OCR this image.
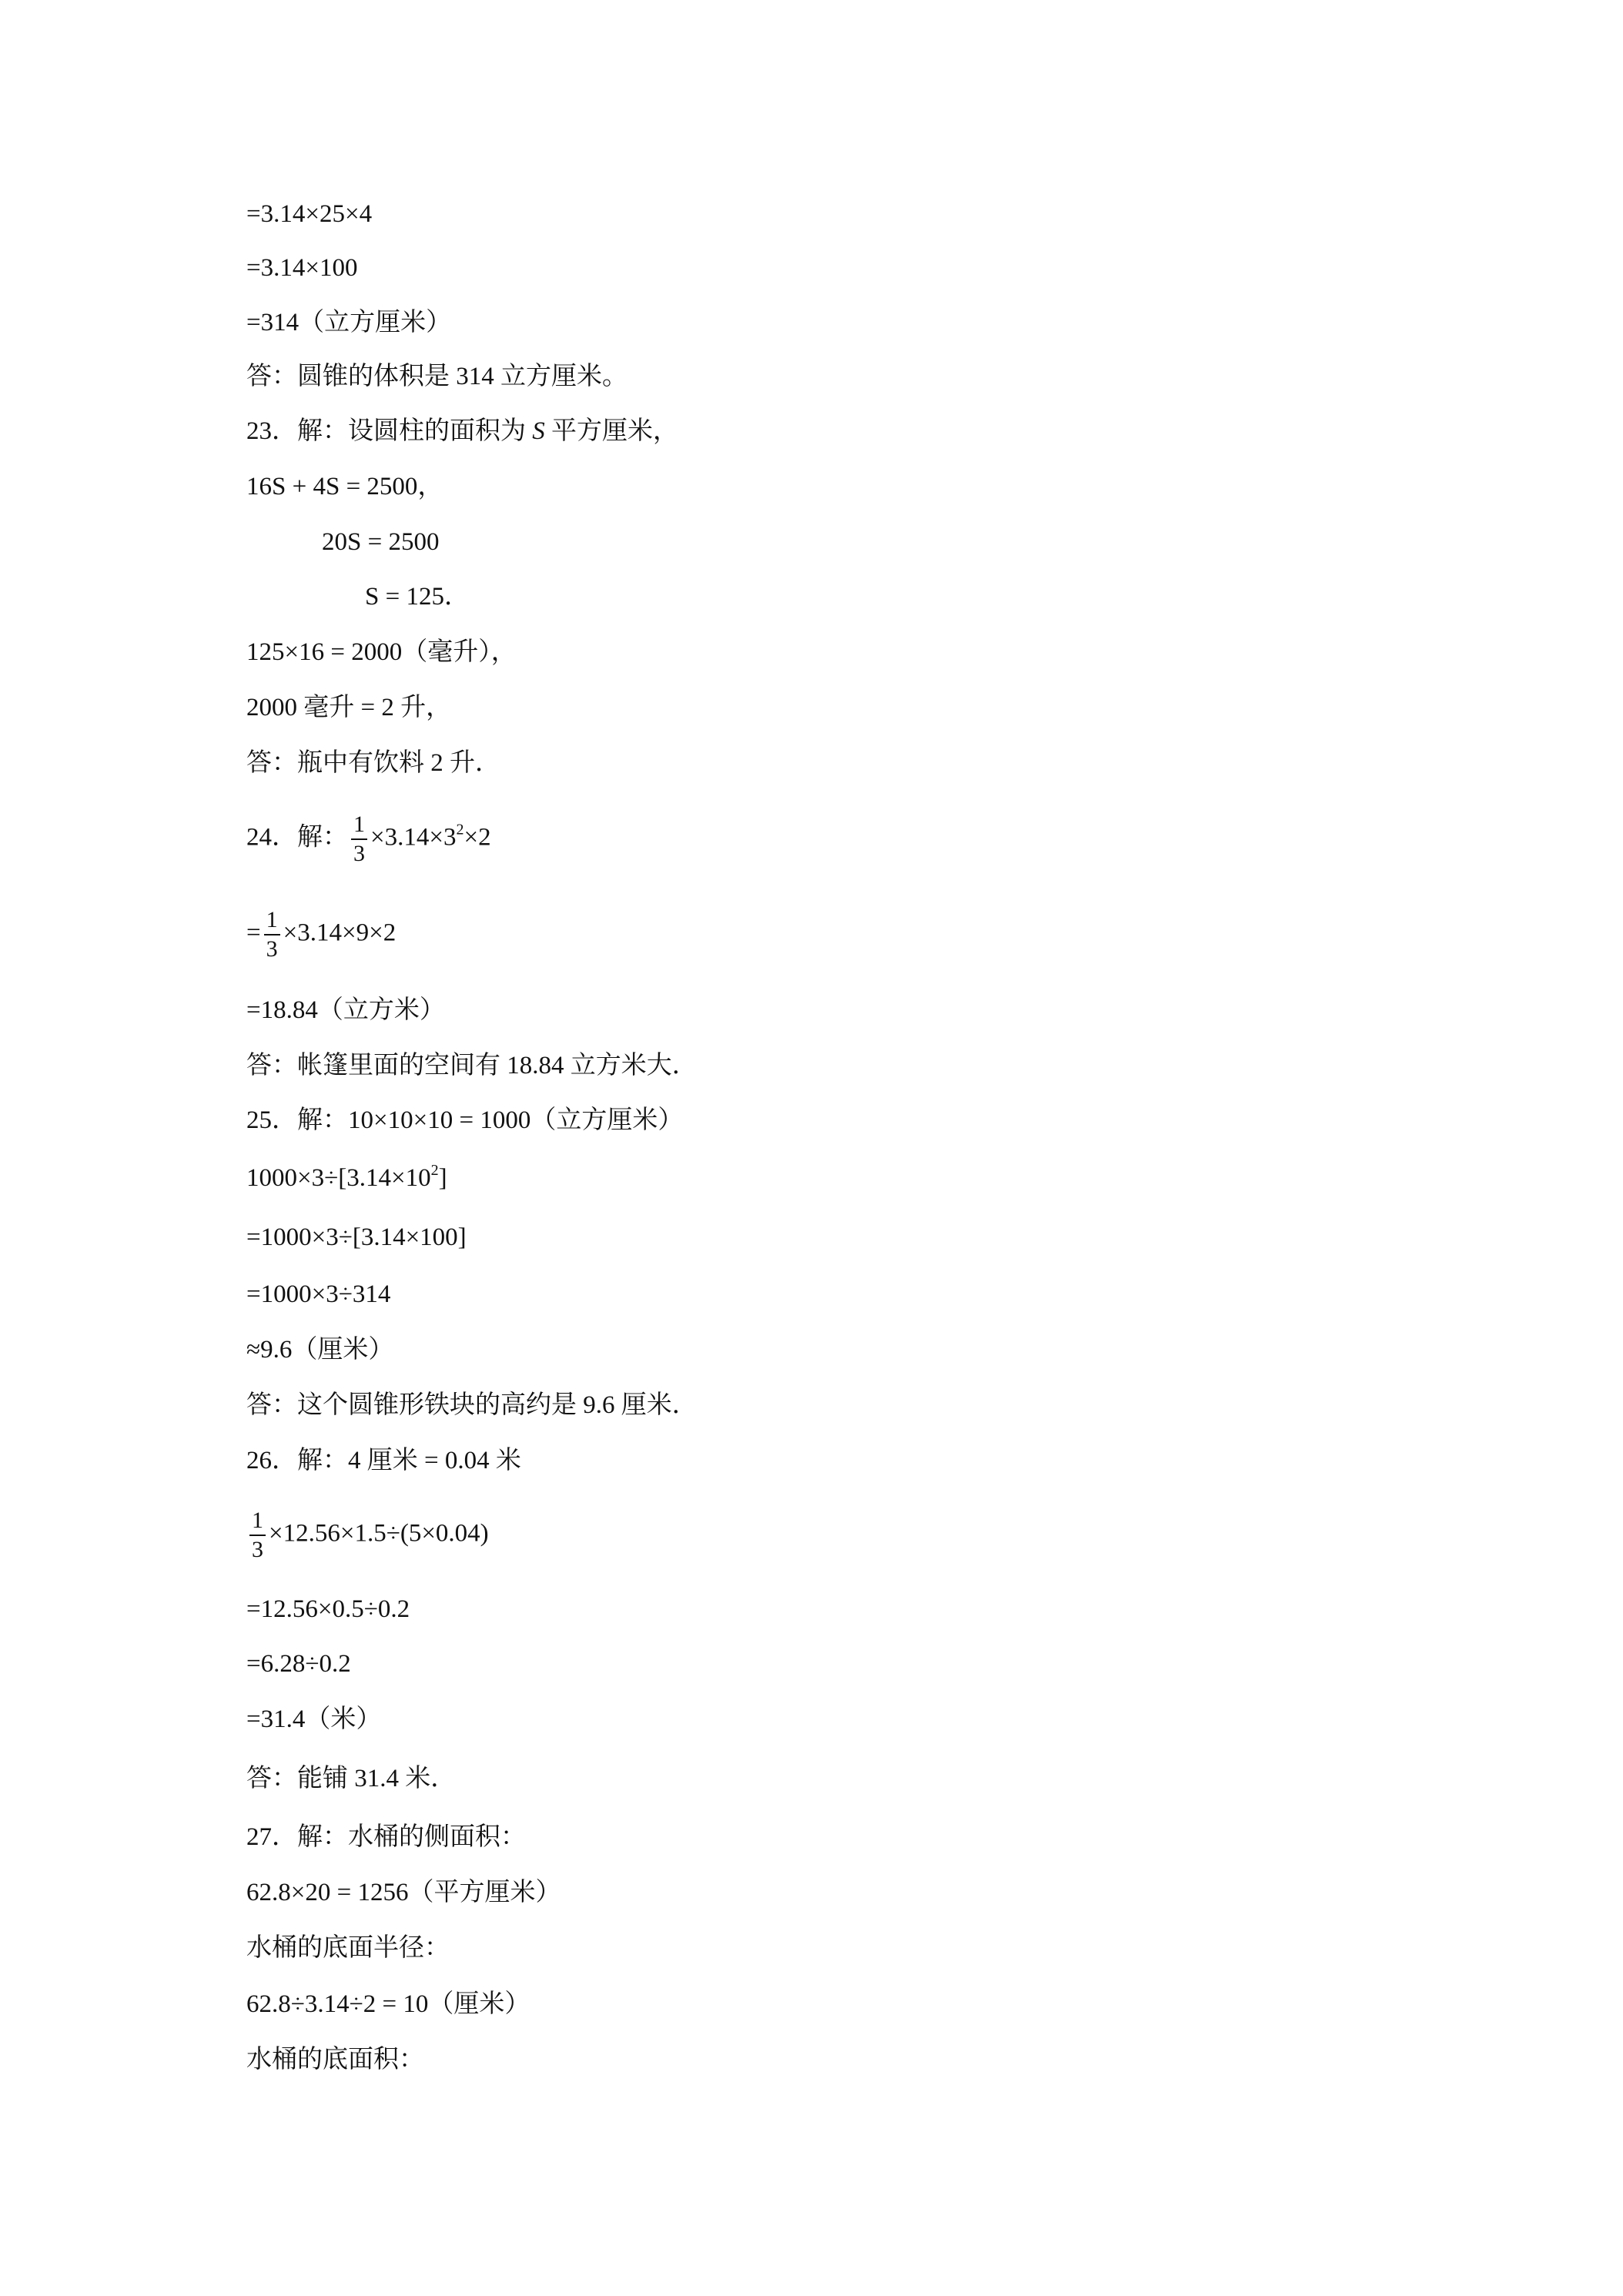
=3.14×25×4
=3.14×100
=314（立方厘米）
答：圆锥的体积是 314 立方厘米。
23．解：设圆柱的面积为 S 平方厘米，
16S + 4S = 2500，
20S = 2500
S = 125．
125×16 = 2000（毫升），
2000 毫升 = 2 升，
答：瓶中有饮料 2 升．
24．解： $\frac{1}{3} \times 3.14\times 3^2\times 2$
= $\frac{1}{3} \times 3.14\times 9\times 2$
=18.84（立方米）
答：帐篷里面的空间有 18.84 立方米大．
25．解：10×10×10 = 1000（立方厘米）
$1000\times 3\div[3.14\times 10^2]$
=1000×3÷[3.14×100]
=1000×3÷314
≈9.6（厘米）
答：这个圆锥形铁块的高约是 9.6 厘米．
26．解：4 厘米 = 0.04 米
$\frac{1}{3} \times 12.56\times 1.5\div(5\times 0.04)$
=12.56×0.5÷0.2
=6.28÷0.2
=31.4（米）
答：能铺 31.4 米．
27．解：水桶的侧面积：
62.8×20 = 1256（平方厘米）
水桶的底面半径：
62.8÷3.14÷2 = 10（厘米）
水桶的底面积：
